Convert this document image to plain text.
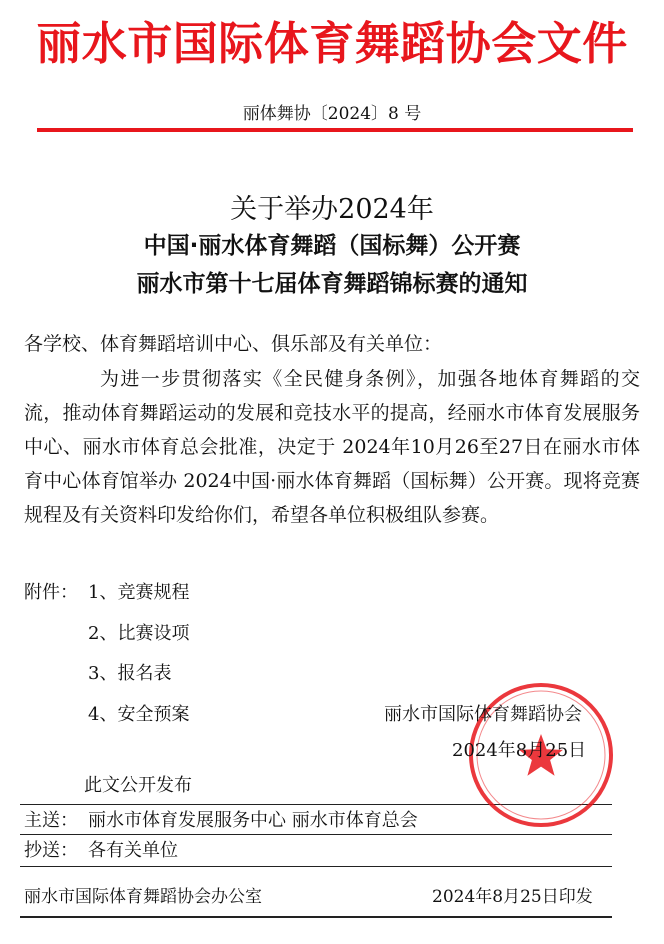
丽水市国际体育舞蹈协会文件
丽体舞协〔2024〕8 号
关于举办2024年
中国·丽水体育舞蹈（国标舞）公开赛
丽水市第十七届体育舞蹈锦标赛的通知
各学校、体育舞蹈培训中心、俱乐部及有关单位：

为进一步贯彻落实《全民健身条例》，加强各地体育舞蹈的交流，推动体育舞蹈运动的发展和竞技水平的提高，经丽水市体育发展服务中心、丽水市体育总会批准，决定于 2024年10月26至27日在丽水市体育中心体育馆举办 2024中国·丽水体育舞蹈（国标舞）公开赛。现将竞赛规程及有关资料印发给你们，希望各单位积极组队参赛。

附件： 1、竞赛规程
2、比赛设项
3、报名表
4、安全预案	丽水市国际体育舞蹈协会
2024年8月25日
此文公开发布
主送： 丽水市体育发展服务中心 丽水市体育总会
抄送： 各有关单位
丽水市国际体育舞蹈协会办公室	2024年8月25日印发
